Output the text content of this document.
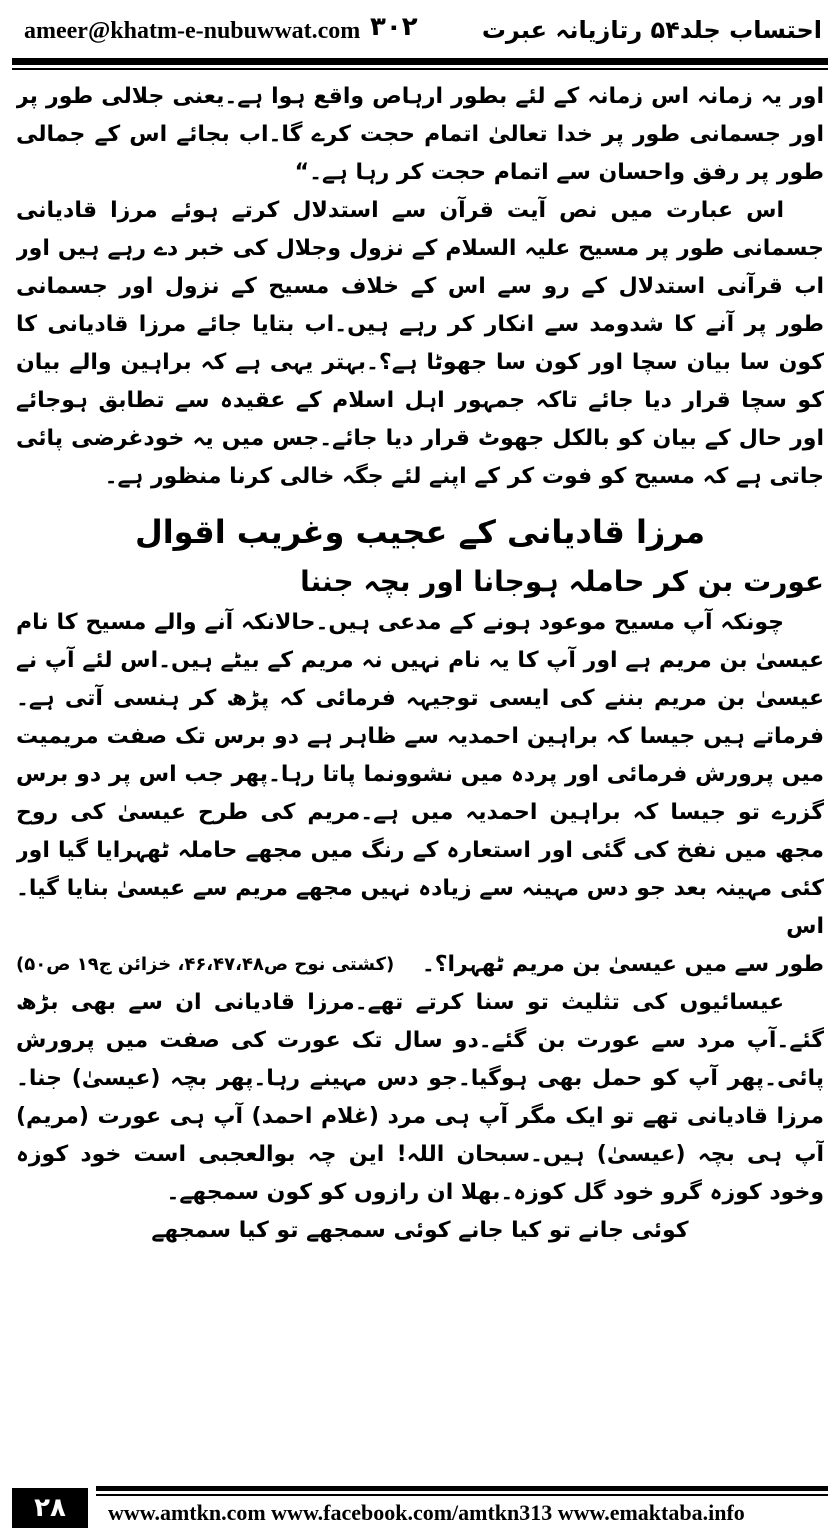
ameer@khatm-e-nubuwwat.com ۳۰۲	احتساب جلد۵۴ رتازیانہ عبرت

اور یہ زمانہ اس زمانہ کے لئے بطور ارہاص واقع ہوا ہے۔یعنی جلالی طور پر اور جسمانی طور پر خدا تعالیٰ اتمام حجت کرے گا۔اب بجائے اس کے جمالی طور پر رفق واحسان سے اتمام حجت کر رہا ہے۔“

اس عبارت میں نص آیت قرآن سے استدلال کرتے ہوئے مرزا قادیانی جسمانی طور پر مسیح علیہ السلام کے نزول وجلال کی خبر دے رہے ہیں اور اب قرآنی استدلال کے رو سے اس کے خلاف مسیح کے نزول اور جسمانی طور پر آنے کا شدومد سے انکار کر رہے ہیں۔اب بتایا جائے مرزا قادیانی کا کون سا بیان سچا اور کون سا جھوٹا ہے؟۔بہتر یہی ہے کہ براہین والے بیان کو سچا قرار دیا جائے تاکہ جمہور اہل اسلام کے عقیدہ سے تطابق ہوجائے اور حال کے بیان کو بالکل جھوٹ قرار دیا جائے۔جس میں یہ خودغرضی پائی جاتی ہے کہ مسیح کو فوت کر کے اپنے لئے جگہ خالی کرنا منظور ہے۔

مرزا قادیانی کے عجیب وغریب اقوال

عورت بن کر حاملہ ہوجانا اور بچہ جننا

چونکہ آپ مسیح موعود ہونے کے مدعی ہیں۔حالانکہ آنے والے مسیح کا نام عیسیٰ بن مریم ہے اور آپ کا یہ نام نہیں نہ مریم کے بیٹے ہیں۔اس لئے آپ نے عیسیٰ بن مریم بننے کی ایسی توجیہہ فرمائی کہ پڑھ کر ہنسی آتی ہے۔فرماتے ہیں جیسا کہ براہین احمدیہ سے ظاہر ہے دو برس تک صفت مریمیت میں پرورش فرمائی اور پردہ میں نشوونما پاتا رہا۔پھر جب اس پر دو برس گزرے تو جیسا کہ براہین احمدیہ میں ہے۔مریم کی طرح عیسیٰ کی روح مجھ میں نفخ کی گئی اور استعارہ کے رنگ میں مجھے حاملہ ٹھہرایا گیا اور کئی مہینہ بعد جو دس مہینہ سے زیادہ نہیں مجھے مریم سے عیسیٰ بنایا گیا۔اس

طور سے میں عیسیٰ بن مریم ٹھہرا؟۔
(کشتی نوح ص۴۶،۴۷،۴۸، خزائن ج۱۹ ص۵۰)

عیسائیوں کی تثلیث تو سنا کرتے تھے۔مرزا قادیانی ان سے بھی بڑھ گئے۔آپ مرد سے عورت بن گئے۔دو سال تک عورت کی صفت میں پرورش پائی۔پھر آپ کو حمل بھی ہوگیا۔جو دس مہینے رہا۔پھر بچہ (عیسیٰ) جنا۔مرزا قادیانی تھے تو ایک مگر آپ ہی مرد (غلام احمد) آپ ہی عورت (مریم) آپ ہی بچہ (عیسیٰ) ہیں۔سبحان اللہ! این چہ بوالعجبی است خود کوزہ وخود کوزہ گرو خود گل کوزہ۔بھلا ان رازوں کو کون سمجھے۔

کوئی جانے تو کیا جانے کوئی سمجھے تو کیا سمجھے

۲۸	www.amtkn.com www.facebook.com/amtkn313 www.emaktaba.info
